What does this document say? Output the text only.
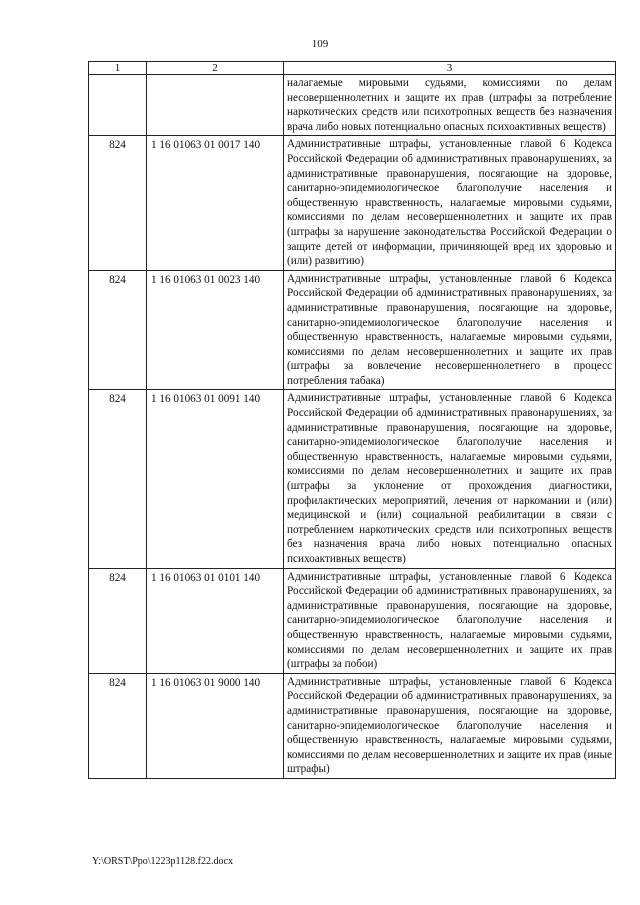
109
1	2	3
		налагаемые мировыми судьями, комиссиями по делам несовершеннолетних и защите их прав (штрафы за потребление наркотических средств или психотропных веществ без назначения врача либо новых потенциально опасных психоактивных веществ)
824	1 16 01063 01 0017 140	Административные штрафы, установленные главой 6 Кодекса Российской Федерации об административных правонарушениях, за административные правонарушения, посягающие на здоровье, санитарно-эпидемиологическое благополучие населения и общественную нравственность, налагаемые мировыми судьями, комиссиями по делам несовершеннолетних и защите их прав (штрафы за нарушение законодательства Российской Федерации о защите детей от информации, причиняющей вред их здоровью и (или) развитию)
824	1 16 01063 01 0023 140	Административные штрафы, установленные главой 6 Кодекса Российской Федерации об административных правонарушениях, за административные правонарушения, посягающие на здоровье, санитарно-эпидемиологическое благополучие населения и общественную нравственность, налагаемые мировыми судьями, комиссиями по делам несовершеннолетних и защите их прав (штрафы за вовлечение несовершеннолетнего в процесс потребления табака)
824	1 16 01063 01 0091 140	Административные штрафы, установленные главой 6 Кодекса Российской Федерации об административных правонарушениях, за административные правонарушения, посягающие на здоровье, санитарно-эпидемиологическое благополучие населения и общественную нравственность, налагаемые мировыми судьями, комиссиями по делам несовершеннолетних и защите их прав (штрафы за уклонение от прохождения диагностики, профилактических мероприятий, лечения от наркомании и (или) медицинской и (или) социальной реабилитации в связи с потреблением наркотических средств или психотропных веществ без назначения врача либо новых потенциально опасных психоактивных веществ)
824	1 16 01063 01 0101 140	Административные штрафы, установленные главой 6 Кодекса Российской Федерации об административных правонарушениях, за административные правонарушения, посягающие на здоровье, санитарно-эпидемиологическое благополучие населения и общественную нравственность, налагаемые мировыми судьями, комиссиями по делам несовершеннолетних и защите их прав (штрафы за побои)
824	1 16 01063 01 9000 140	Административные штрафы, установленные главой 6 Кодекса Российской Федерации об административных правонарушениях, за административные правонарушения, посягающие на здоровье, санитарно-эпидемиологическое благополучие населения и общественную нравственность, налагаемые мировыми судьями, комиссиями по делам несовершеннолетних и защите их прав (иные штрафы)
Y:\ORST\Ppo\1223p1128.f22.docx
